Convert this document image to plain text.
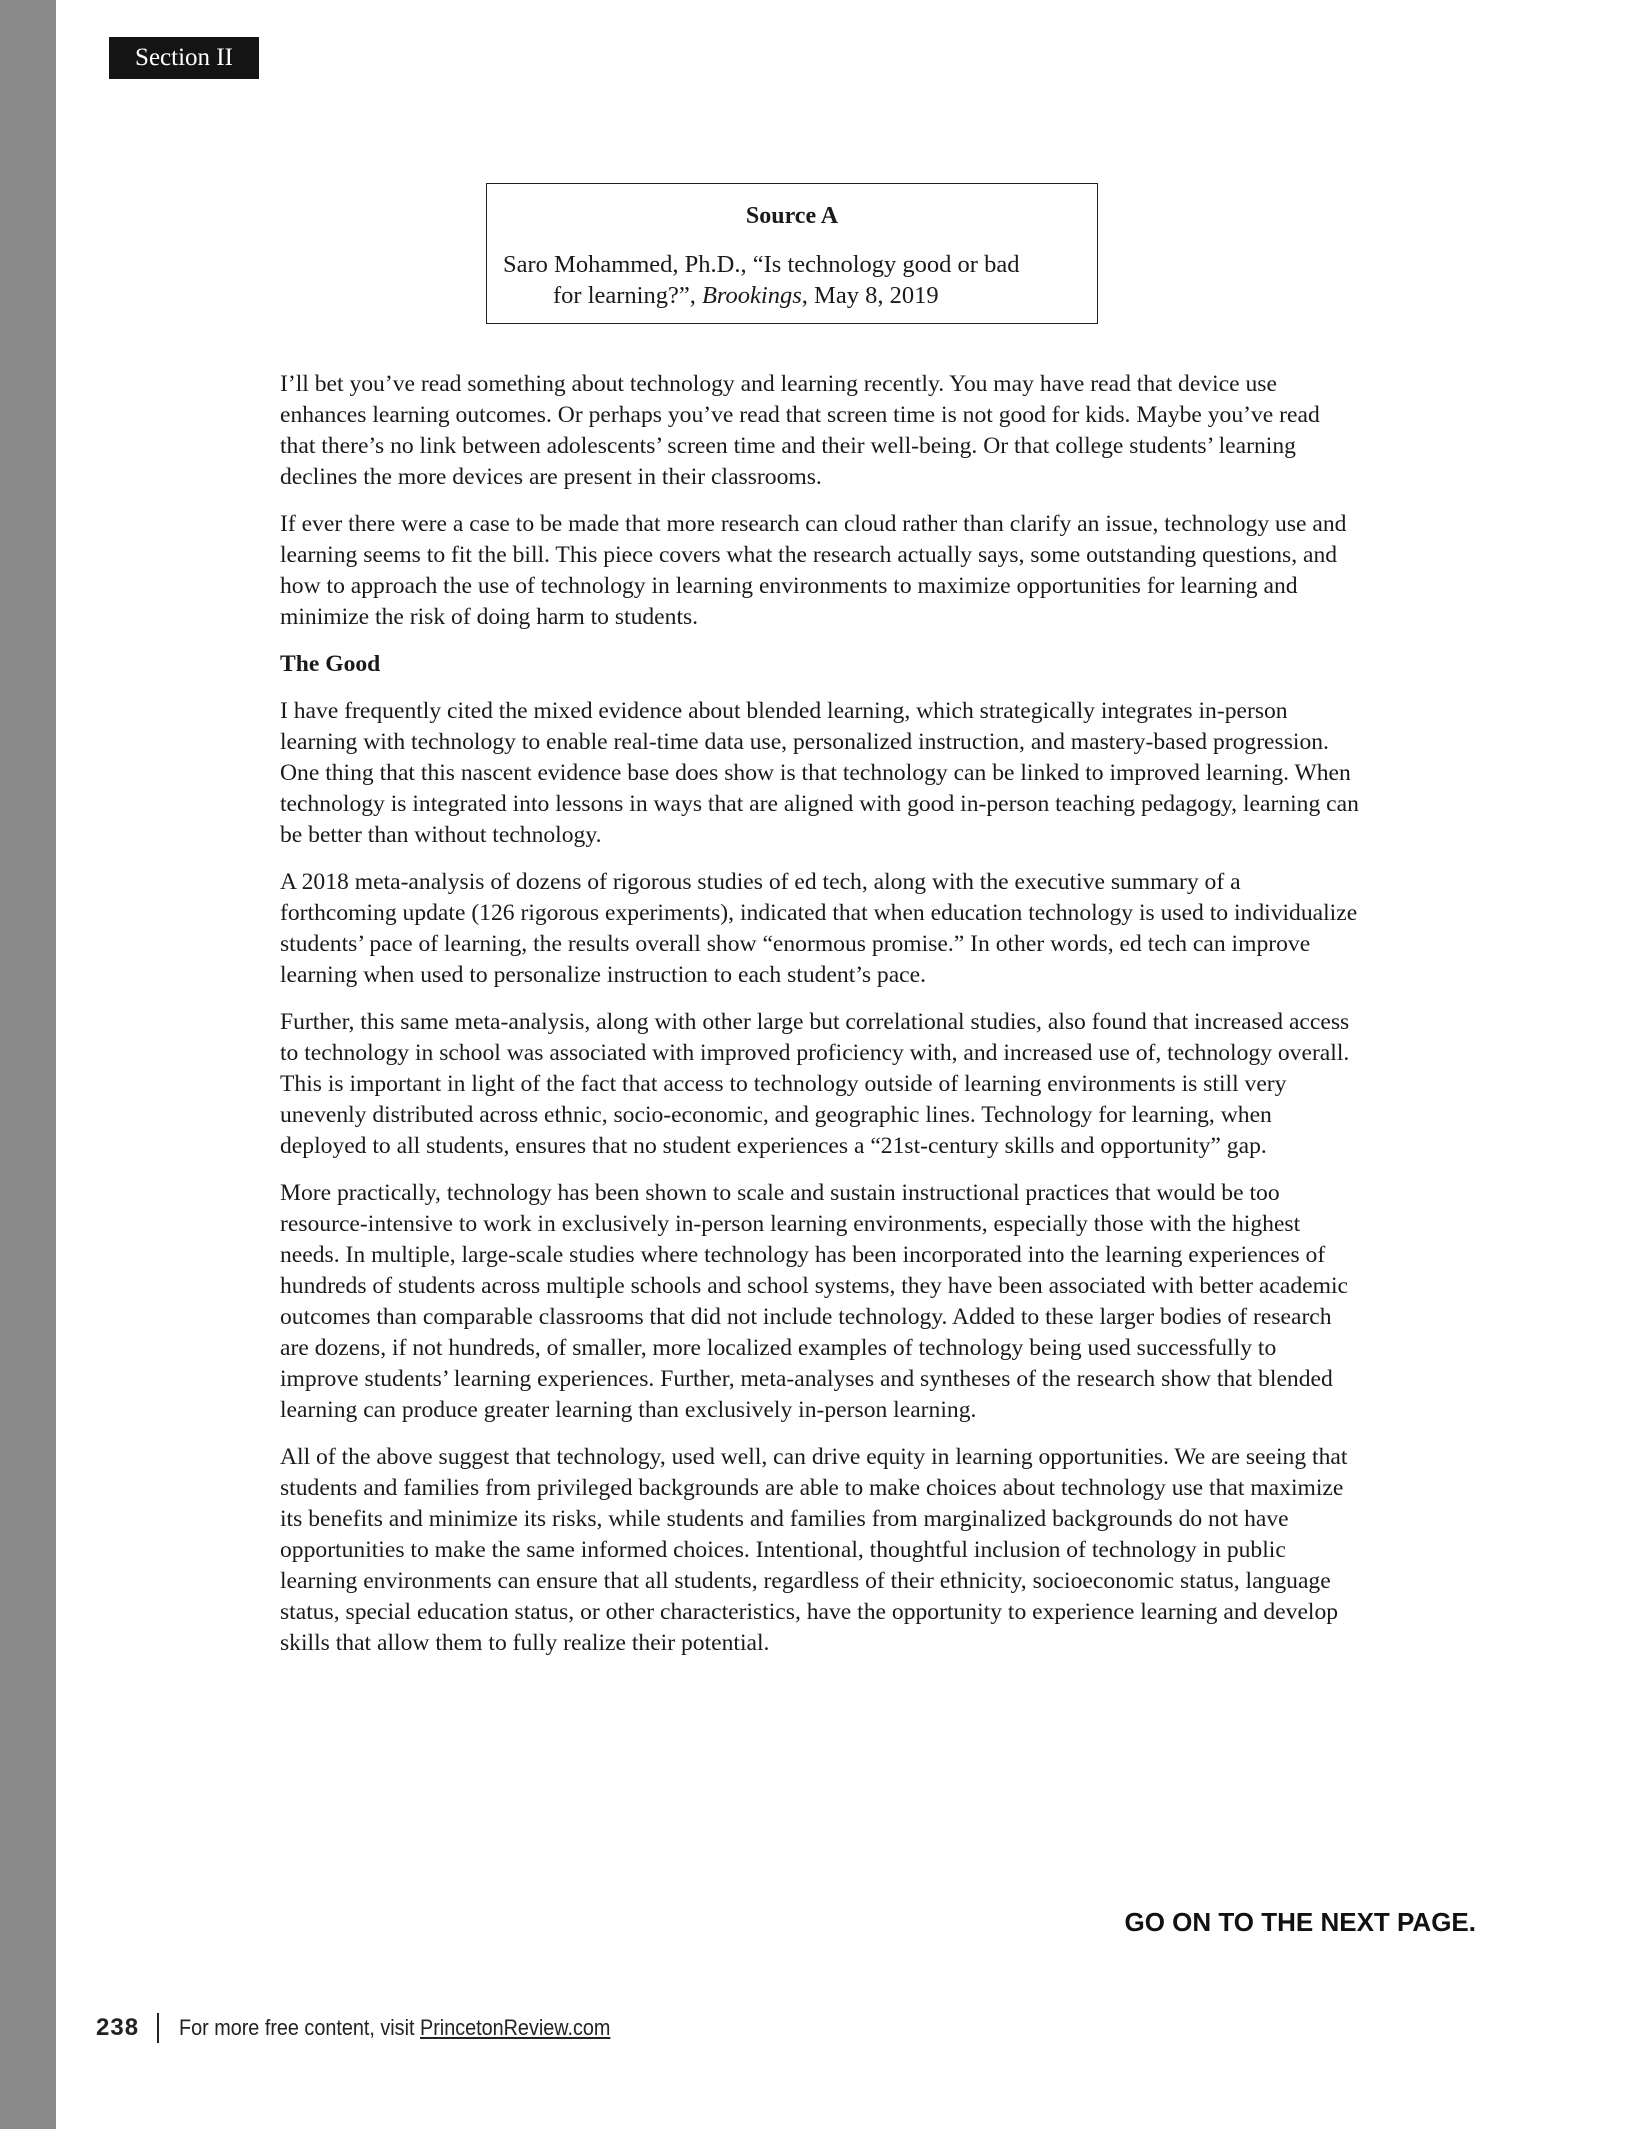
Section II
Source A
Saro Mohammed, Ph.D., “Is technology good or bad
for learning?”, Brookings, May 8, 2019

I’ll bet you’ve read something about technology and learning recently. You may have read that device use enhances learning outcomes. Or perhaps you’ve read that screen time is not good for kids. Maybe you’ve read that there’s no link between adolescents’ screen time and their well-being. Or that college students’ learning declines the more devices are present in their classrooms.

If ever there were a case to be made that more research can cloud rather than clarify an issue, technology use and learning seems to fit the bill. This piece covers what the research actually says, some outstanding questions, and how to approach the use of technology in learning environments to maximize opportunities for learning and minimize the risk of doing harm to students.

The Good

I have frequently cited the mixed evidence about blended learning, which strategically integrates in-person learning with technology to enable real-time data use, personalized instruction, and mastery-based progression. One thing that this nascent evidence base does show is that technology can be linked to improved learning. When technology is integrated into lessons in ways that are aligned with good in-person teaching pedagogy, learning can be better than without technology.

A 2018 meta-analysis of dozens of rigorous studies of ed tech, along with the executive summary of a forthcoming update (126 rigorous experiments), indicated that when education technology is used to individualize students’ pace of learning, the results overall show “enormous promise.” In other words, ed tech can improve learning when used to personalize instruction to each student’s pace.

Further, this same meta-analysis, along with other large but correlational studies, also found that increased access to technology in school was associated with improved proficiency with, and increased use of, technology overall. This is important in light of the fact that access to technology outside of learning environments is still very unevenly distributed across ethnic, socio-economic, and geographic lines. Technology for learning, when deployed to all students, ensures that no student experiences a “21st-century skills and opportunity” gap.

More practically, technology has been shown to scale and sustain instructional practices that would be too resource-intensive to work in exclusively in-person learning environments, especially those with the highest needs. In multiple, large-scale studies where technology has been incorporated into the learning experiences of hundreds of students across multiple schools and school systems, they have been associated with better academic outcomes than comparable classrooms that did not include technology. Added to these larger bodies of research are dozens, if not hundreds, of smaller, more localized examples of technology being used successfully to improve students’ learning experiences. Further, meta-analyses and syntheses of the research show that blended learning can produce greater learning than exclusively in-person learning.

All of the above suggest that technology, used well, can drive equity in learning opportunities. We are seeing that students and families from privileged backgrounds are able to make choices about technology use that maximize its benefits and minimize its risks, while students and families from marginalized backgrounds do not have opportunities to make the same informed choices. Intentional, thoughtful inclusion of technology in public learning environments can ensure that all students, regardless of their ethnicity, socioeconomic status, language status, special education status, or other characteristics, have the opportunity to experience learning and develop skills that allow them to fully realize their potential.

GO ON TO THE NEXT PAGE.
238 For more free content, visit PrincetonReview.com
